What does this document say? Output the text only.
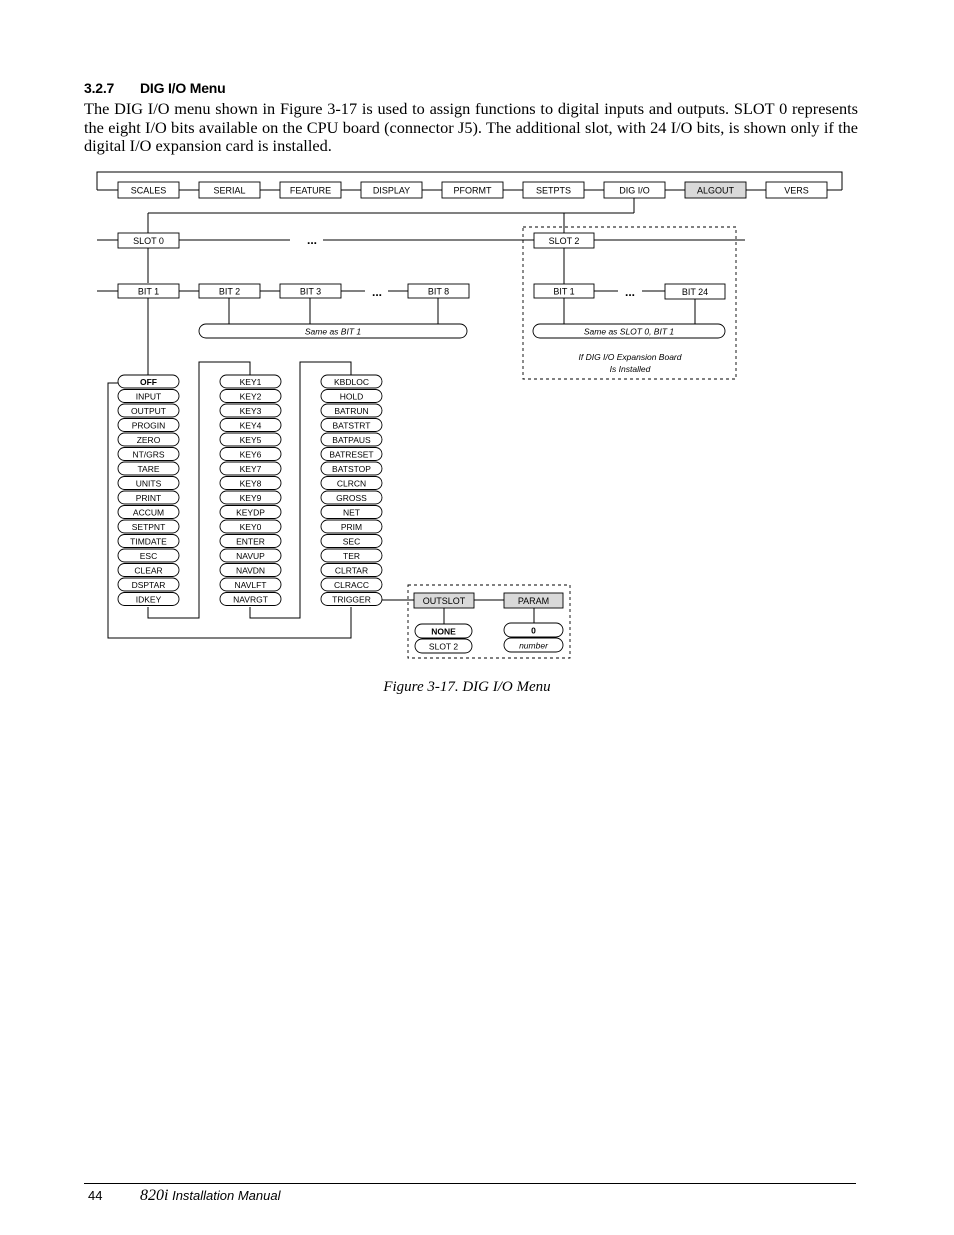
3.2.7 DIG I/O Menu

The DIG I/O menu shown in Figure 3-17 is used to assign functions to digital inputs and outputs. SLOT 0 represents the eight I/O bits available on the CPU board (connector J5). The additional slot, with 24 I/O bits, is shown only if the digital I/O expansion card is installed.

SCALES	SERIAL	FEATURE	DISPLAY	PFORMT	SETPTS	DIG I/O	ALGOUT	VERS
...
SLOT 0	SLOT 2
...
BIT 1	BIT 2	BIT 3	BIT 8	...
BIT 1	BIT 24
Same as BIT 1	Same as SLOT 0, BIT 1
If DIG I/O Expansion Board
Is Installed
OFF
INPUT
OUTPUT
PROGIN
ZERO
NT/GRS
TARE
UNITS
PRINT
ACCUM
SETPNT
TIMDATE
ESC
CLEAR
DSPTAR
IDKEY
KEY1
KEY2
KEY3
KEY4
KEY5
KEY6
KEY7
KEY8
KEY9
KEYDP
KEY0
ENTER
NAVUP
NAVDN
NAVLFT
NAVRGT
KBDLOC
HOLD
BATRUN
BATSTRT
BATPAUS
BATRESET
BATSTOP
CLRCN
GROSS
NET
PRIM
SEC
TER
CLRTAR
CLRACC
TRIGGER	OUTSLOT	PARAM
NONE
SLOT 2
0
number
Figure 3-17. DIG I/O Menu
44 820i Installation Manual
